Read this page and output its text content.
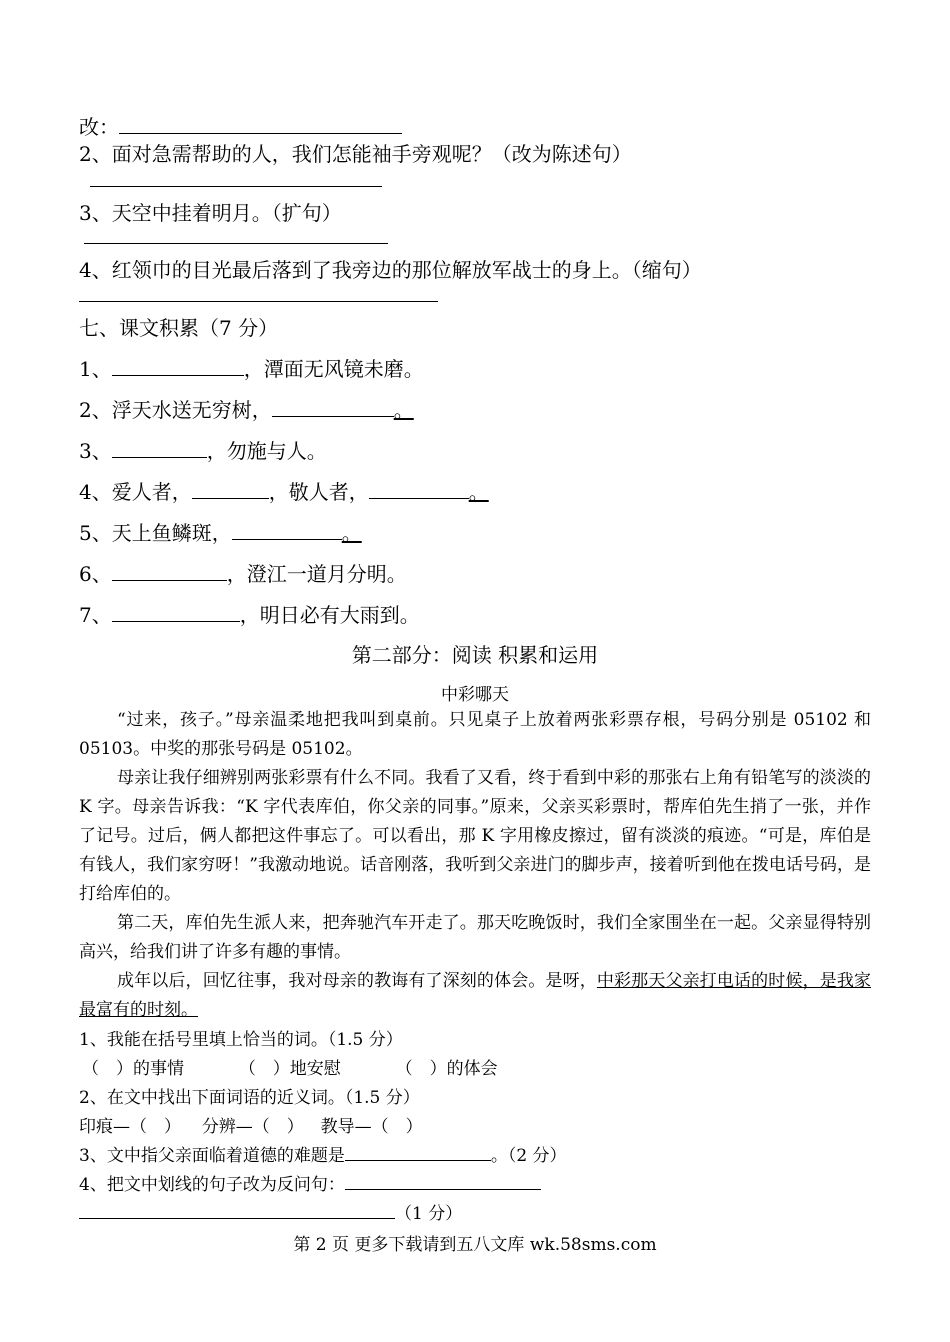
改：
2、面对急需帮助的人，我们怎能袖手旁观呢？（改为陈述句）
3、天空中挂着明月。（扩句）
4、红领巾的目光最后落到了我旁边的那位解放军战士的身上。（缩句）
七、课文积累（7 分）
1、	，潭面无风镜未磨。
2、浮天水送无穷树，	。
3、	，勿施与人。
4、爱人者，	，敬人者，	。
5、天上鱼鳞斑，	。
6、	，澄江一道月分明。
7、	，明日必有大雨到。
第二部分：阅读 积累和运用
中彩哪天
“过来，孩子。”母亲温柔地把我叫到桌前。只见桌子上放着两张彩票存根，号码分别是 05102 和 05103。中奖的那张号码是 05102。
母亲让我仔细辨别两张彩票有什么不同。我看了又看，终于看到中彩的那张右上角有铅笔写的淡淡的 K 字。母亲告诉我：“K 字代表库伯，你父亲的同事。”原来，父亲买彩票时，帮库伯先生捎了一张，并作了记号。过后，俩人都把这件事忘了。可以看出，那 K 字用橡皮擦过，留有淡淡的痕迹。“可是，库伯是有钱人，我们家穷呀！”我激动地说。话音刚落，我听到父亲进门的脚步声，接着听到他在拨电话号码，是打给库伯的。
第二天，库伯先生派人来，把奔驰汽车开走了。那天吃晚饭时，我们全家围坐在一起。父亲显得特别高兴，给我们讲了许多有趣的事情。
成年以后，回忆往事，我对母亲的教诲有了深刻的体会。是呀，中彩那天父亲打电话的时候，是我家最富有的时刻。
1、我能在括号里填上恰当的词。（1.5 分）
（　）的事情	（　）地安慰	（　）的体会
2、在文中找出下面词语的近义词。（1.5 分）
印痕—（　） 分辨—（　） 教导—（　）
3、文中指父亲面临着道德的难题是	。（2 分）
4、把文中划线的句子改为反问句：
（1 分）
第 2 页 更多下载请到五八文库 wk.58sms.com
